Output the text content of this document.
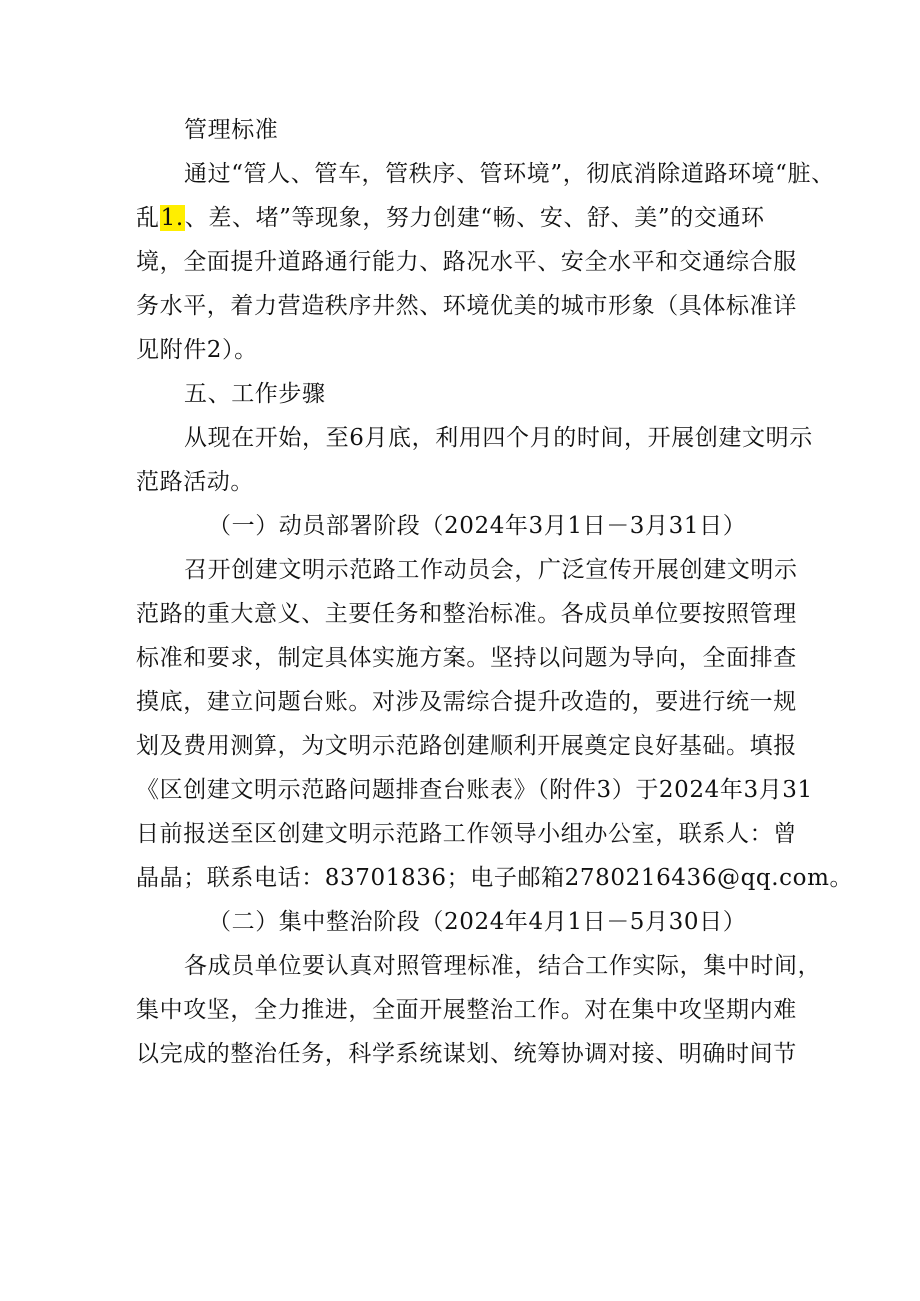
管理标准
通过“管人、管车，管秩序、管环境”，彻底消除道路环境“脏、
乱1.、差、堵”等现象，努力创建“畅、安、舒、美”的交通环
境，全面提升道路通行能力、路况水平、安全水平和交通综合服
务水平，着力营造秩序井然、环境优美的城市形象（具体标准详
见附件2）。
五、工作步骤
从现在开始，至6月底，利用四个月的时间，开展创建文明示
范路活动。
（一）动员部署阶段（2024年3月1日－3月31日）
召开创建文明示范路工作动员会，广泛宣传开展创建文明示
范路的重大意义、主要任务和整治标准。各成员单位要按照管理
标准和要求，制定具体实施方案。坚持以问题为导向，全面排查
摸底，建立问题台账。对涉及需综合提升改造的，要进行统一规
划及费用测算，为文明示范路创建顺利开展奠定良好基础。填报
《区创建文明示范路问题排查台账表》（附件3）于2024年3月31
日前报送至区创建文明示范路工作领导小组办公室，联系人：曾
晶晶；联系电话：83701836；电子邮箱2780216436@qq.com。
（二）集中整治阶段（2024年4月1日－5月30日）
各成员单位要认真对照管理标准，结合工作实际，集中时间，
集中攻坚，全力推进，全面开展整治工作。对在集中攻坚期内难
以完成的整治任务，科学系统谋划、统筹协调对接、明确时间节
